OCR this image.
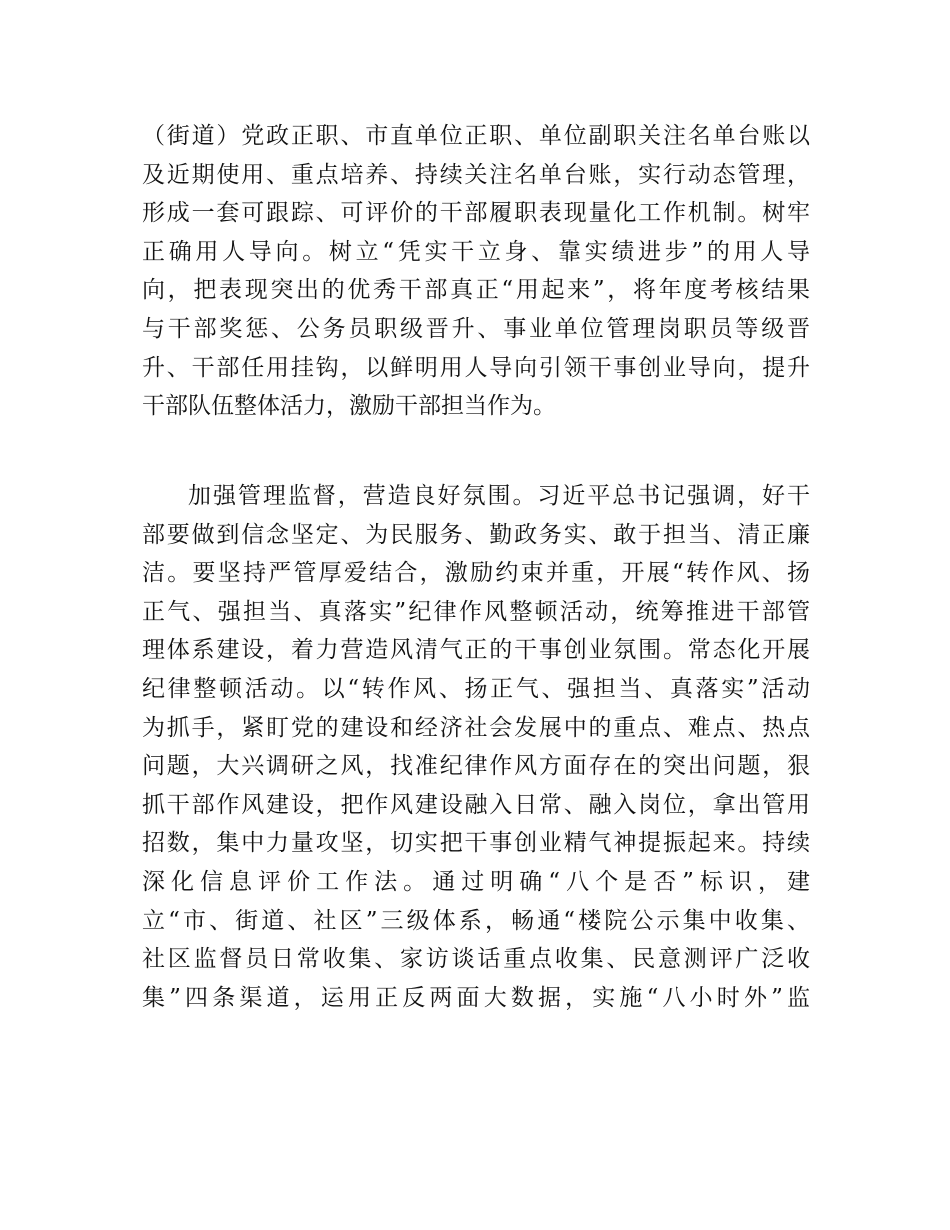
（街道）党政正职、市直单位正职、单位副职关注名单台账以
及近期使用、重点培养、持续关注名单台账，实行动态管理，
形成一套可跟踪、可评价的干部履职表现量化工作机制。树牢
正确用人导向。树立“凭实干立身、靠实绩进步”的用人导
向，把表现突出的优秀干部真正“用起来”，将年度考核结果
与干部奖惩、公务员职级晋升、事业单位管理岗职员等级晋
升、干部任用挂钩，以鲜明用人导向引领干事创业导向，提升
干部队伍整体活力，激励干部担当作为。
加强管理监督，营造良好氛围。习近平总书记强调，好干
部要做到信念坚定、为民服务、勤政务实、敢于担当、清正廉
洁。要坚持严管厚爱结合，激励约束并重，开展“转作风、扬
正气、强担当、真落实”纪律作风整顿活动，统筹推进干部管
理体系建设，着力营造风清气正的干事创业氛围。常态化开展
纪律整顿活动。以“转作风、扬正气、强担当、真落实”活动
为抓手，紧盯党的建设和经济社会发展中的重点、难点、热点
问题，大兴调研之风，找准纪律作风方面存在的突出问题，狠
抓干部作风建设，把作风建设融入日常、融入岗位，拿出管用
招数，集中力量攻坚，切实把干事创业精气神提振起来。持续
深化信息评价工作法。通过明确“八个是否”标识，建
立“市、街道、社区”三级体系，畅通“楼院公示集中收集、
社区监督员日常收集、家访谈话重点收集、民意测评广泛收
集”四条渠道，运用正反两面大数据，实施“八小时外”监
